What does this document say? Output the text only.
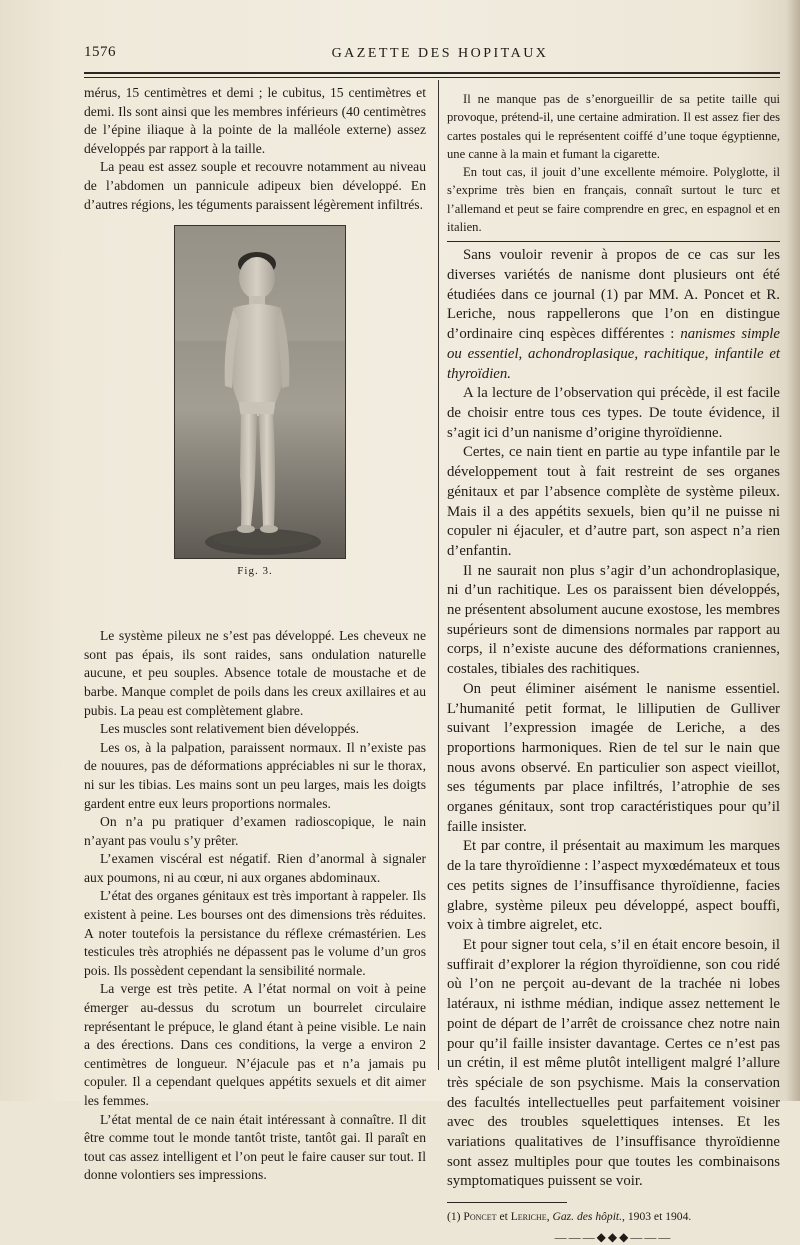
1576	GAZETTE DES HOPITAUX

mérus, 15 centimètres et demi ; le cubitus, 15 centimètres et demi. Ils sont ainsi que les membres inférieurs (40 centimètres de l’épine iliaque à la pointe de la malléole externe) assez développés par rapport à la taille.

La peau est assez souple et recouvre notamment au niveau de l’abdomen un pannicule adipeux bien développé. En d’autres régions, les téguments paraissent légèrement infiltrés.

Fig. 3.

Le système pileux ne s’est pas développé. Les cheveux ne sont pas épais, ils sont raides, sans ondulation naturelle aucune, et peu souples. Absence totale de moustache et de barbe. Manque complet de poils dans les creux axillaires et au pubis. La peau est complètement glabre.

Les muscles sont relativement bien développés.

Les os, à la palpation, paraissent normaux. Il n’existe pas de nouures, pas de déformations appréciables ni sur le thorax, ni sur les tibias. Les mains sont un peu larges, mais les doigts gardent entre eux leurs proportions normales.

On n’a pu pratiquer d’examen radioscopique, le nain n’ayant pas voulu s’y prêter.

L’examen viscéral est négatif. Rien d’anormal à signaler aux poumons, ni au cœur, ni aux organes abdominaux.

L’état des organes génitaux est très important à rappeler. Ils existent à peine. Les bourses ont des dimensions très réduites. A noter toutefois la persistance du réflexe crémastérien. Les testicules très atrophiés ne dépassent pas le volume d’un gros pois. Ils possèdent cependant la sensibilité normale.

La verge est très petite. A l’état normal on voit à peine émerger au-dessus du scrotum un bourrelet circulaire représentant le prépuce, le gland étant à peine visible. Le nain a des érections. Dans ces conditions, la verge a environ 2 centimètres de longueur. N’éjacule pas et n’a jamais pu copuler. Il a cependant quelques appétits sexuels et dit aimer les femmes.

L’état mental de ce nain était intéressant à connaître. Il dit être comme tout le monde tantôt triste, tantôt gai. Il paraît en tout cas assez intelligent et l’on peut le faire causer sur tout. Il donne volontiers ses impressions.

Il ne manque pas de s’enorgueillir de sa petite taille qui provoque, prétend-il, une certaine admiration. Il est assez fier des cartes postales qui le représentent coiffé d’une toque égyptienne, une canne à la main et fumant la cigarette.

En tout cas, il jouit d’une excellente mémoire. Polyglotte, il s’exprime très bien en français, connaît surtout le turc et l’allemand et peut se faire comprendre en grec, en espagnol et en italien.

Sans vouloir revenir à propos de ce cas sur les diverses variétés de nanisme dont plusieurs ont été étudiées dans ce journal (1) par MM. A. Poncet et R. Leriche, nous rappellerons que l’on en distingue d’ordinaire cinq espèces différentes : nanismes simple ou essentiel, achondroplasique, rachitique, infantile et thyroïdien.

A la lecture de l’observation qui précède, il est facile de choisir entre tous ces types. De toute évidence, il s’agit ici d’un nanisme d’origine thyroïdienne.

Certes, ce nain tient en partie au type infantile par le développement tout à fait restreint de ses organes génitaux et par l’absence complète de système pileux. Mais il a des appétits sexuels, bien qu’il ne puisse ni copuler ni éjaculer, et d’autre part, son aspect n’a rien d’enfantin.

Il ne saurait non plus s’agir d’un achondroplasique, ni d’un rachitique. Les os paraissent bien développés, ne présentent absolument aucune exostose, les membres supérieurs sont de dimensions normales par rapport au corps, il n’existe aucune des déformations craniennes, costales, tibiales des rachitiques.

On peut éliminer aisément le nanisme essentiel. L’humanité petit format, le lilliputien de Gulliver suivant l’expression imagée de Leriche, a des proportions harmoniques. Rien de tel sur le nain que nous avons observé. En particulier son aspect vieillot, ses téguments par place infiltrés, l’atrophie de ses organes génitaux, sont trop caractéristiques pour qu’il faille insister.

Et par contre, il présentait au maximum les marques de la tare thyroïdienne : l’aspect myxœdémateux et tous ces petits signes de l’insuffisance thyroïdienne, facies glabre, système pileux peu développé, aspect bouffi, voix à timbre aigrelet, etc.

Et pour signer tout cela, s’il en était encore besoin, il suffirait d’explorer la région thyroïdienne, son cou ridé où l’on ne perçoit au-devant de la trachée ni lobes latéraux, ni isthme médian, indique assez nettement le point de départ de l’arrêt de croissance chez notre nain pour qu’il faille insister davantage. Certes ce n’est pas un crétin, il est même plutôt intelligent malgré l’allure très spéciale de son psychisme. Mais la conservation des facultés intellectuelles peut parfaitement voisiner avec des troubles squelettiques intenses. Et les variations qualitatives de l’insuffisance thyroïdienne sont assez multiples pour que toutes les combinaisons symptomatiques puissent se voir.

(1) Poncet et Leriche, Gaz. des hôpit., 1903 et 1904.

———◆◆◆———
